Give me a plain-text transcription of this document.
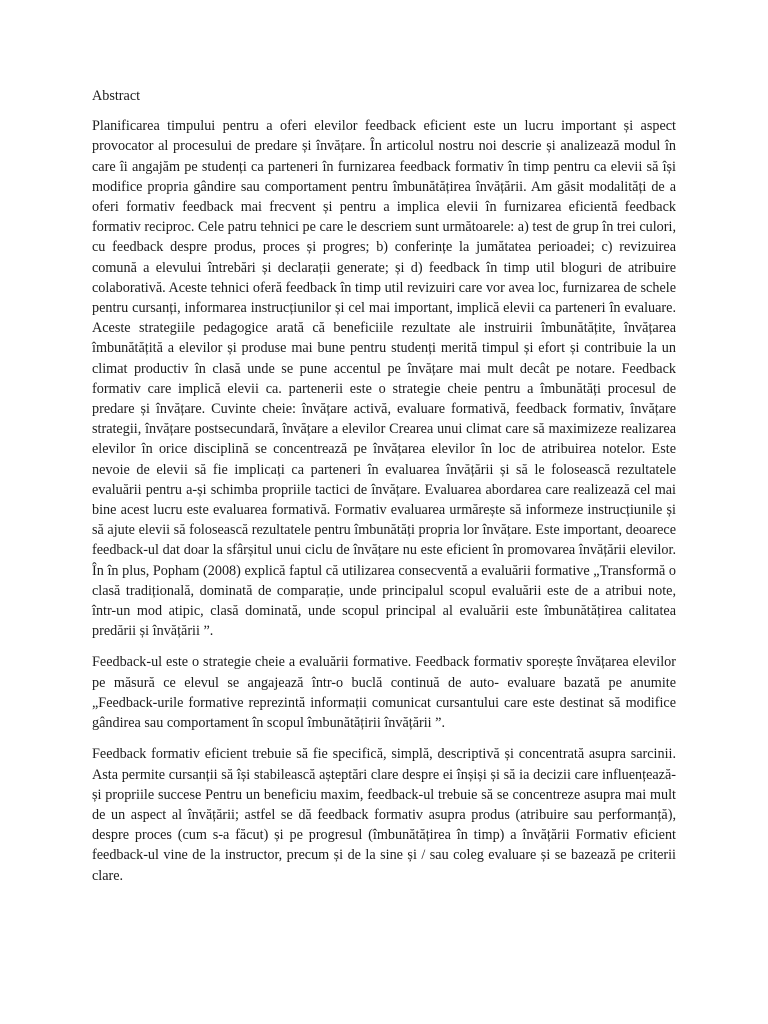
Abstract

Planificarea timpului pentru a oferi elevilor feedback eficient este un lucru important și aspect provocator al procesului de predare și învățare. În articolul nostru noi descrie și analizează modul în care îi angajăm pe studenți ca parteneri în furnizarea feedback formativ în timp pentru ca elevii să își modifice propria gândire sau comportament pentru îmbunătățirea învățării. Am găsit modalități de a oferi formativ feedback mai frecvent și pentru a implica elevii în furnizarea eficientă feedback formativ reciproc. Cele patru tehnici pe care le descriem sunt următoarele: a) test de grup în trei culori, cu feedback despre produs, proces și progres; b) conferințe la jumătatea perioadei; c) revizuirea comună a elevului întrebări și declarații generate; și d) feedback în timp util bloguri de atribuire colaborativă. Aceste tehnici oferă feedback în timp util revizuiri care vor avea loc, furnizarea de schele pentru cursanți, informarea instrucțiunilor și cel mai important, implică elevii ca parteneri în evaluare. Aceste strategiile pedagogice arată că beneficiile rezultate ale instruirii îmbunătățite, învățarea îmbunătățită a elevilor și produse mai bune pentru studenți merită timpul și efort și contribuie la un climat productiv în clasă unde se pune accentul pe învățare mai mult decât pe notare. Feedback formativ care implică elevii ca. partenerii este o strategie cheie pentru a îmbunătăți procesul de predare și învățare. Cuvinte cheie: învățare activă, evaluare formativă, feedback formativ, învățare strategii, învățare postsecundară, învățare a elevilor Crearea unui climat care să maximizeze realizarea elevilor în orice disciplină se concentrează pe învățarea elevilor în loc de atribuirea notelor. Este nevoie de elevii să fie implicați ca parteneri în evaluarea învățării și să le folosească rezultatele evaluării pentru a-și schimba propriile tactici de învățare. Evaluarea abordarea care realizează cel mai bine acest lucru este evaluarea formativă. Formativ evaluarea urmărește să informeze instrucțiunile și să ajute elevii să folosească rezultatele pentru îmbunătăți propria lor învățare. Este important, deoarece feedback-ul dat doar la sfârșitul unui ciclu de învățare nu este eficient în promovarea învățării elevilor. În în plus, Popham (2008) explică faptul că utilizarea consecventă a evaluării formative „Transformă o clasă tradițională, dominată de comparație, unde principalul scopul evaluării este de a atribui note, într-un mod atipic, clasă dominată, unde scopul principal al evaluării este îmbunătățirea calitatea predării și învățării ”.

Feedback-ul este o strategie cheie a evaluării formative. Feedback formativ sporește învățarea elevilor pe măsură ce elevul se angajează într-o buclă continuă de auto- evaluare bazată pe anumite „Feedback-urile formative reprezintă informații comunicat cursantului care este destinat să modifice gândirea sau comportament în scopul îmbunătățirii învățării ”.

Feedback formativ eficient trebuie să fie specifică, simplă, descriptivă și concentrată asupra sarcinii. Asta permite cursanții să își stabilească așteptări clare despre ei înșiși și să ia decizii care influențează-și propriile succese Pentru un beneficiu maxim, feedback-ul trebuie să se concentreze asupra mai mult de un aspect al învățării; astfel se dă feedback formativ asupra produs (atribuire sau performanță), despre proces (cum s-a făcut) și pe progresul (îmbunătățirea în timp) a învățării Formativ eficient feedback-ul vine de la instructor, precum și de la sine și / sau coleg evaluare și se bazează pe criterii clare.
